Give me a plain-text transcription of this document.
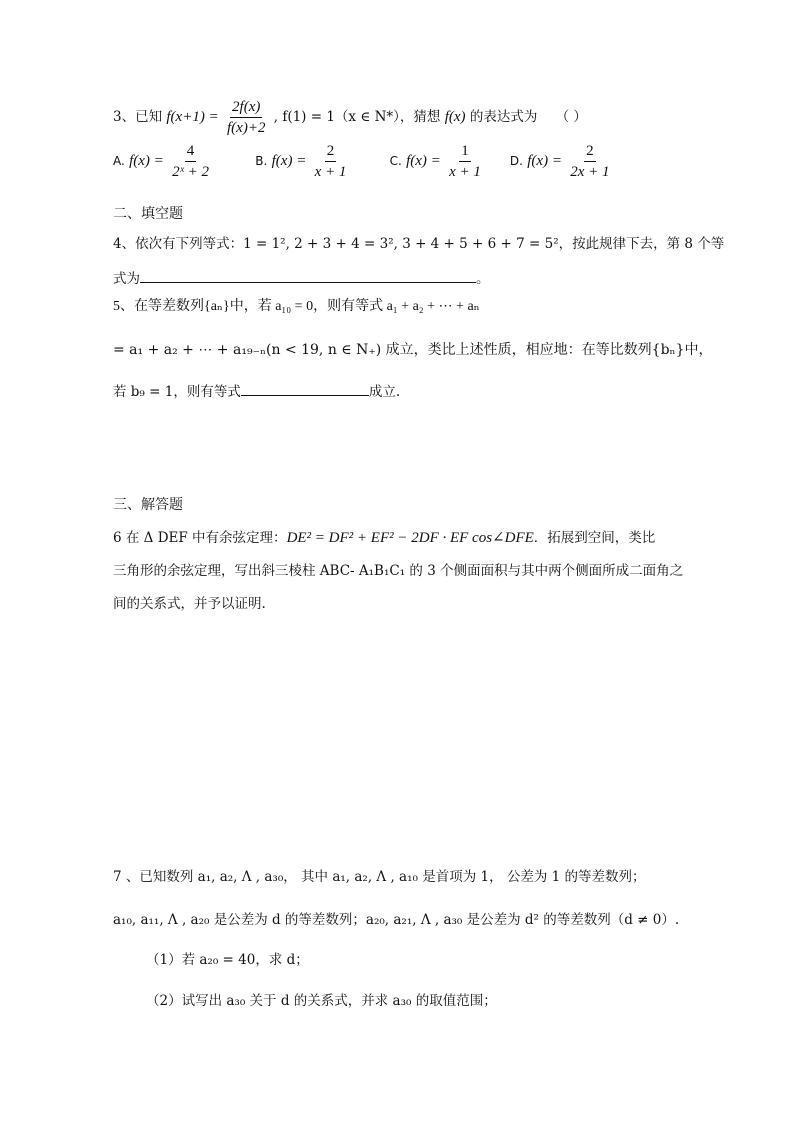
3、已知 $f(x+1) = \frac{2f(x)}{f(x)+2}$ , f(1) = 1（x ∈ N*），猜想 f(x) 的表达式为 （ ）
A. $f(x) = \frac{4}{\text{2ˣ + 2}}$	B. $f(x) = \frac{2}{x + 1}$	C. $f(x) = \frac{1}{x + 1} D$. $f(x) = \frac{2}{2x + 1}$
二、填空题
4、依次有下列等式：1 = 1², 2 + 3 + 4 = 3², 3 + 4 + 5 + 6 + 7 = 5²，按此规律下去，第 8 个等
式为	。
5、在等差数列{aₙ}中，若 a₁₀ = 0，则有等式 a₁ + a₂ + ⋯ + aₙ
= a₁ + a₂ + ⋯ + a₁₉₋ₙ(n < 19, n ∈ N₊) 成立，类比上述性质，相应地：在等比数列{bₙ}中，
若 b₉ = 1，则有等式	成立.
三、解答题
6 在 Δ DEF 中有余弦定理：DE² = DF² + EF² − 2DF · EF cos∠DFE．拓展到空间，类比
三角形的余弦定理，写出斜三棱柱 ABC- A₁B₁C₁ 的 3 个侧面面积与其中两个侧面所成二面角之
间的关系式，并予以证明.
7 、已知数列 a₁, a₂, Λ , a₃₀， 其中 a₁, a₂, Λ , a₁₀ 是首项为 1， 公差为 1 的等差数列；
a₁₀, a₁₁, Λ , a₂₀ 是公差为 d 的等差数列；a₂₀, a₂₁, Λ , a₃₀ 是公差为 d² 的等差数列（d ≠ 0）.
（1）若 a₂₀ = 40，求 d；
（2）试写出 a₃₀ 关于 d 的关系式，并求 a₃₀ 的取值范围；
